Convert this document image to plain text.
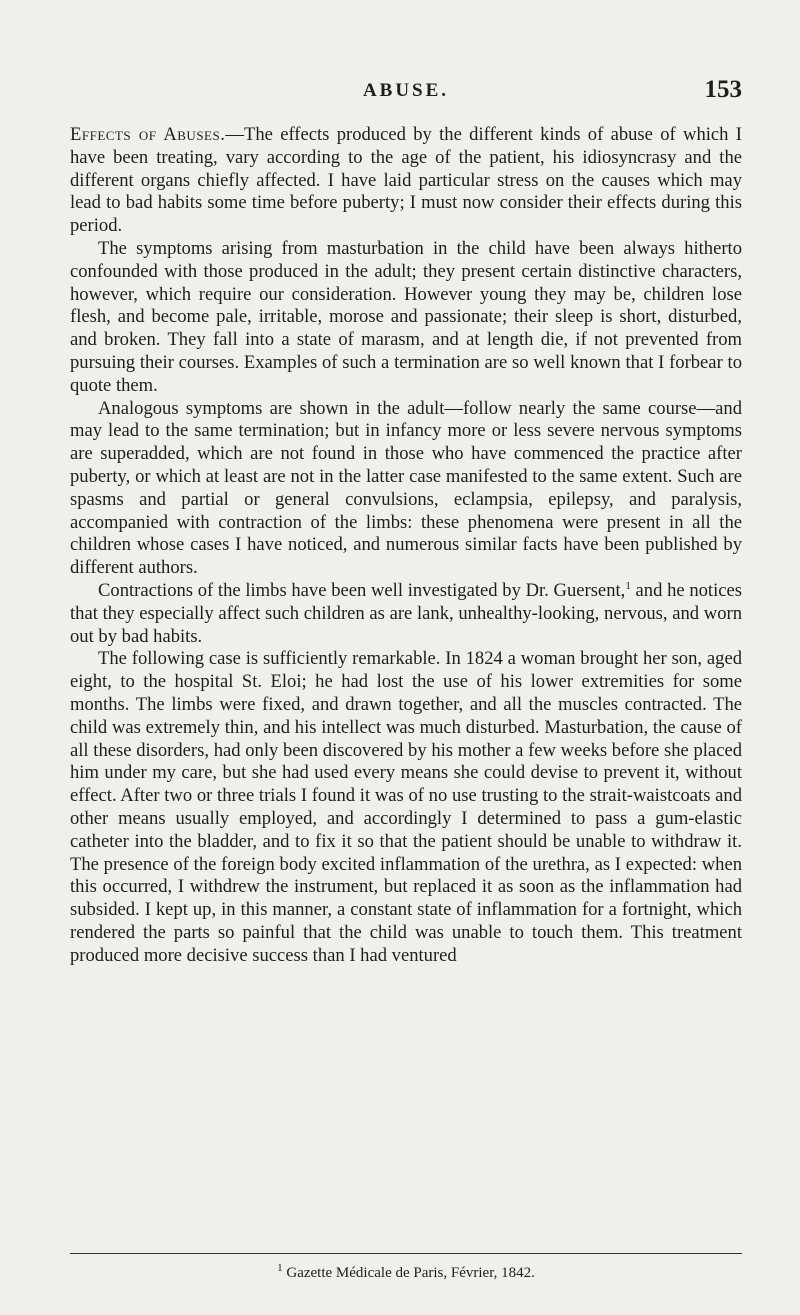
ABUSE.	153

Effects of Abuses.—The effects produced by the different kinds of abuse of which I have been treating, vary according to the age of the patient, his idiosyncrasy and the different organs chiefly affected. I have laid particular stress on the causes which may lead to bad habits some time before puberty; I must now consider their effects during this period.

The symptoms arising from masturbation in the child have been always hitherto confounded with those produced in the adult; they present certain distinctive characters, however, which require our consideration. However young they may be, children lose flesh, and become pale, irritable, morose and passionate; their sleep is short, disturbed, and broken. They fall into a state of marasm, and at length die, if not prevented from pursuing their courses. Examples of such a termination are so well known that I forbear to quote them.

Analogous symptoms are shown in the adult—follow nearly the same course—and may lead to the same termination; but in infancy more or less severe nervous symptoms are superadded, which are not found in those who have commenced the practice after puberty, or which at least are not in the latter case manifested to the same extent. Such are spasms and partial or general convulsions, eclampsia, epilepsy, and paralysis, accompanied with contraction of the limbs: these phenomena were present in all the children whose cases I have noticed, and numerous similar facts have been published by different authors.

Contractions of the limbs have been well investigated by Dr. Guersent,$^1$ and he notices that they especially affect such children as are lank, unhealthy-looking, nervous, and worn out by bad habits.

The following case is sufficiently remarkable. In 1824 a woman brought her son, aged eight, to the hospital St. Eloi; he had lost the use of his lower extremities for some months. The limbs were fixed, and drawn together, and all the muscles contracted. The child was extremely thin, and his intellect was much disturbed. Masturbation, the cause of all these disorders, had only been discovered by his mother a few weeks before she placed him under my care, but she had used every means she could devise to prevent it, without effect. After two or three trials I found it was of no use trusting to the strait-waistcoats and other means usually employed, and accordingly I determined to pass a gum-elastic catheter into the bladder, and to fix it so that the patient should be unable to withdraw it. The presence of the foreign body excited inflammation of the urethra, as I expected: when this occurred, I withdrew the instrument, but replaced it as soon as the inflammation had subsided. I kept up, in this manner, a constant state of inflammation for a fortnight, which rendered the parts so painful that the child was unable to touch them. This treatment produced more decisive success than I had ventured

$^1$ Gazette Médicale de Paris, Février, 1842.
